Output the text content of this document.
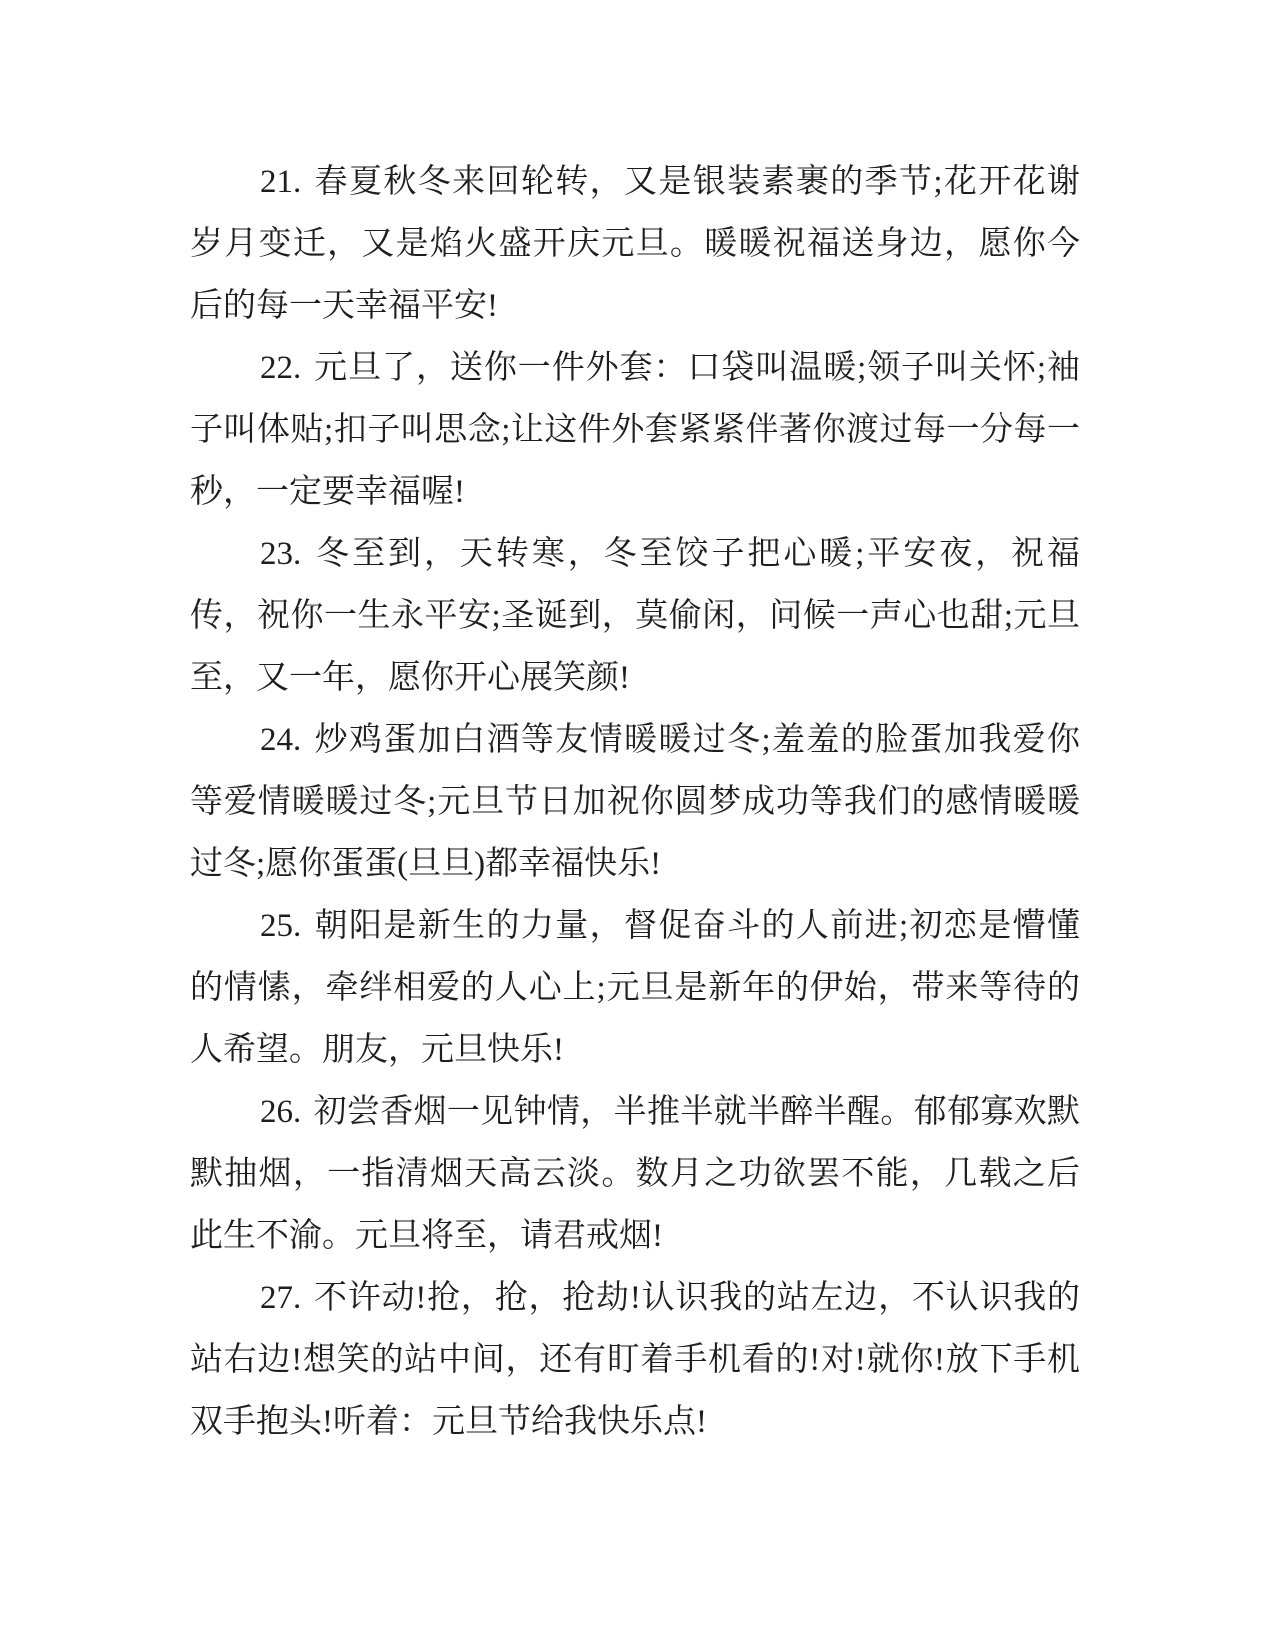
21. 春夏秋冬来回轮转，又是银装素裹的季节;花开花谢岁月变迁，又是焰火盛开庆元旦。暖暖祝福送身边，愿你今后的每一天幸福平安!

22. 元旦了，送你一件外套：口袋叫温暖;领子叫关怀;袖子叫体贴;扣子叫思念;让这件外套紧紧伴著你渡过每一分每一秒，一定要幸福喔!

23. 冬至到，天转寒，冬至饺子把心暖;平安夜，祝福传，祝你一生永平安;圣诞到，莫偷闲，问候一声心也甜;元旦至，又一年，愿你开心展笑颜!

24. 炒鸡蛋加白酒等友情暖暖过冬;羞羞的脸蛋加我爱你等爱情暖暖过冬;元旦节日加祝你圆梦成功等我们的感情暖暖过冬;愿你蛋蛋(旦旦)都幸福快乐!

25. 朝阳是新生的力量，督促奋斗的人前进;初恋是懵懂的情愫，牵绊相爱的人心上;元旦是新年的伊始，带来等待的人希望。朋友，元旦快乐!

26. 初尝香烟一见钟情，半推半就半醉半醒。郁郁寡欢默默抽烟，一指清烟天高云淡。数月之功欲罢不能，几载之后此生不渝。元旦将至，请君戒烟!

27. 不许动!抢，抢，抢劫!认识我的站左边，不认识我的站右边!想笑的站中间，还有盯着手机看的!对!就你!放下手机双手抱头!听着：元旦节给我快乐点!
